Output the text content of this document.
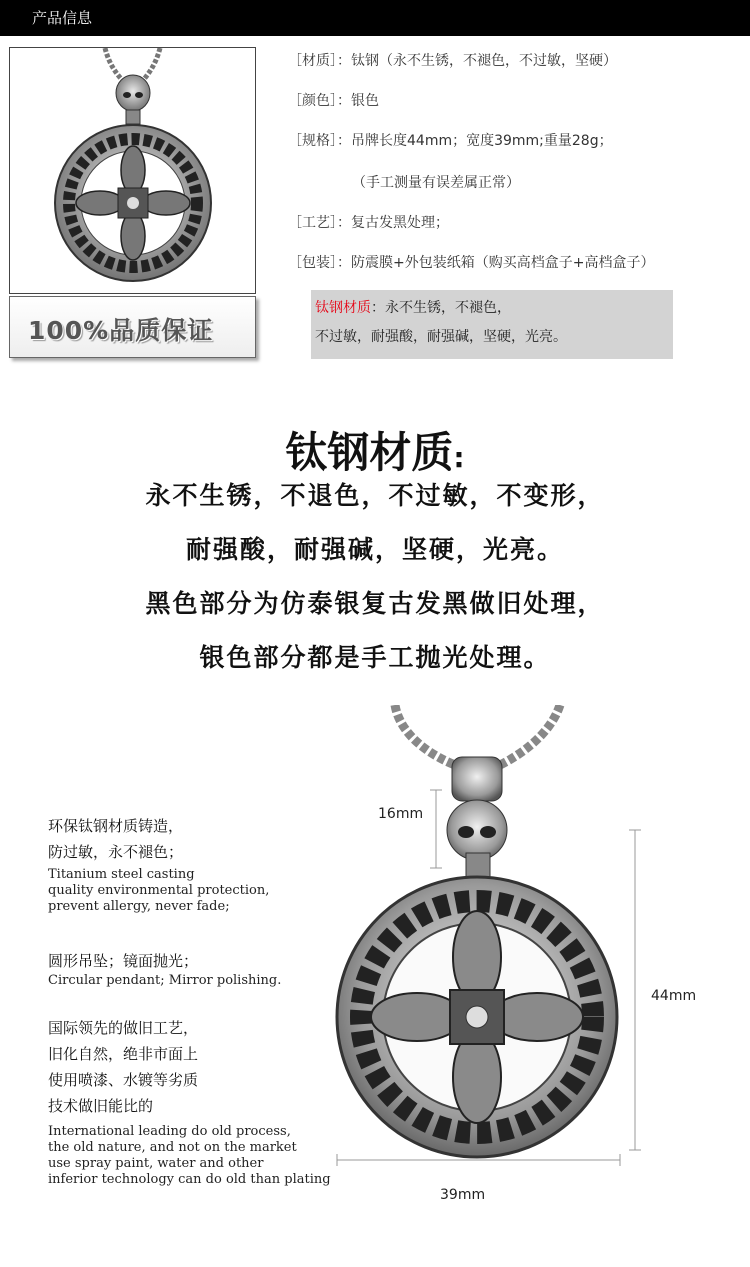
产品信息
100%品质保证
［材质］：钛钢（永不生锈，不褪色，不过敏，坚硬）
［颜色］：银色
［规格］：吊牌长度44mm；宽度39mm;重量28g；
（手工测量有误差属正常）
［工艺］：复古发黑处理；
［包装］：防震膜+外包装纸箱（购买高档盒子+高档盒子）
钛钢材质：永不生锈，不褪色，
不过敏，耐强酸，耐强碱，坚硬，光亮。
钛钢材质:
永不生锈，不退色，不过敏，不变形，
耐强酸，耐强碱，坚硬，光亮。
黑色部分为仿泰银复古发黑做旧处理，
银色部分都是手工抛光处理。
16mm
44mm
39mm
环保钛钢材质铸造，
防过敏，永不褪色；
Titanium steel casting
quality environmental protection,
prevent allergy, never fade;
圆形吊坠；镜面抛光；
Circular pendant; Mirror polishing.
国际领先的做旧工艺，
旧化自然，绝非市面上
使用喷漆、水镀等劣质
技术做旧能比的
International leading do old process,
the old nature, and not on the market
use spray paint, water and other
inferior technology can do old than plating
